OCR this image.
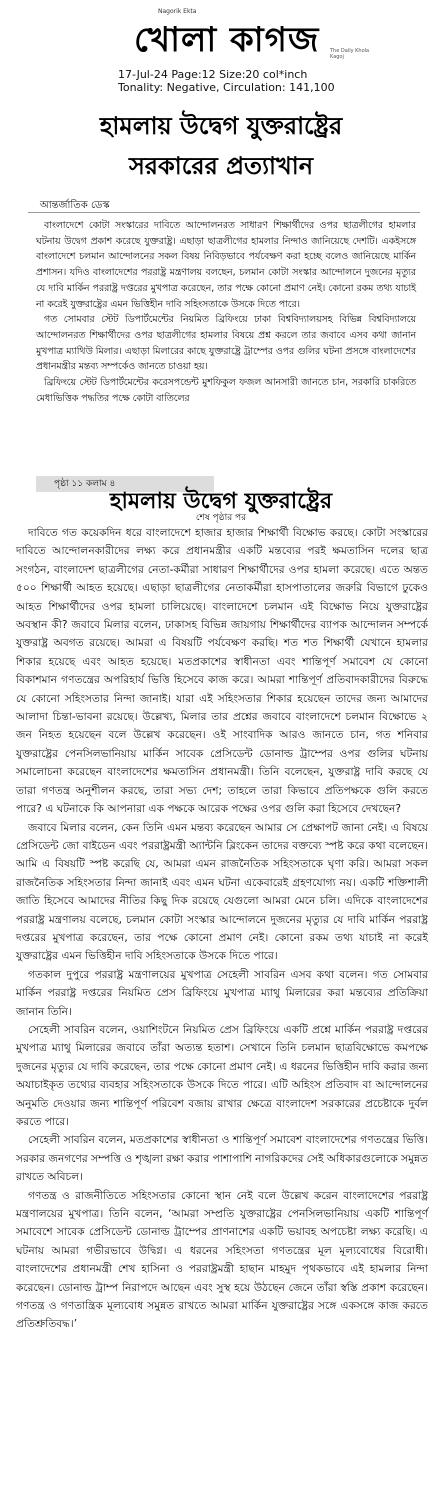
Nagorik Ekta
খোলা কাগজ The Daily Khola Kagoj
17-Jul-24 Page:12 Size:20 col*inch
Tonality: Negative, Circulation: 141,100
হামলায় উদ্বেগ যুক্তরাষ্ট্রের
সরকারের প্রত্যাখান
আন্তর্জাতিক ডেস্ক

বাংলাদেশে কোটা সংস্কারের দাবিতে আন্দোলনরত সাধারণ শিক্ষার্থীদের ওপর ছাত্রলীগের হামলার ঘটনায় উদ্বেগ প্রকাশ করেছে যুক্তরাষ্ট্র। এছাড়া ছাত্রলীগের হামলার নিন্দাও জানিয়েছে দেশটি। একইসঙ্গে বাংলাদেশে চলমান আন্দোলনের সকল বিষয় নিবিড়ভাবে পর্যবেক্ষণ করা হচ্ছে বলেও জানিয়েছে মার্কিন প্রশাসন। যদিও বাংলাদেশের পররাষ্ট্র মন্ত্রণালয় বলছেন, চলমান কোটা সংস্কার আন্দোলনে দুজনের মৃত্যুর যে দাবি মার্কিন পররাষ্ট্র দপ্তরের মুখপাত্র করেছেন, তার পক্ষে কোনো প্রমাণ নেই। কোনো রকম তথ্য যাচাই না করেই যুক্তরাষ্ট্রের এমন ভিত্তিহীন দাবি সহিংসতাকে উসকে দিতে পারে।

গত সোমবার স্টেট ডিপার্টমেন্টের নিয়মিত ব্রিফিংয়ে ঢাকা বিশ্ববিদ্যালয়সহ বিভিন্ন বিশ্ববিদ্যালয়ে আন্দোলনরত শিক্ষার্থীদের ওপর ছাত্রলীগের হামলার বিষয়ে প্রশ্ন করলে তার জবাবে এসব কথা জানান মুখপাত্র ম্যাথিউ মিলার। এছাড়া মিলারের কাছে যুক্তরাষ্ট্রে ট্রাম্পের ওপর গুলির ঘটনা প্রসঙ্গে বাংলাদেশের প্রধানমন্ত্রীর মন্তব্য সম্পর্কেও জানতে চাওয়া হয়।

ব্রিফিংয়ে স্টেট ডিপার্টমেন্টের করেসপন্ডেন্ট মুশফিকুল ফজল আনসারী জানতে চান, সরকারি চাকরিতে মেধাভিত্তিক পদ্ধতির পক্ষে কোটা বাতিলের

পৃষ্ঠা ১১ কলাম ৪
হামলায় উদ্বেগ যুক্তরাষ্ট্রের
শেষ পৃষ্ঠার পর

দাবিতে গত কয়েকদিন ধরে বাংলাদেশে হাজার হাজার শিক্ষার্থী বিক্ষোভ করছে। কোটা সংস্কারের দাবিতে আন্দোলনকারীদের লক্ষ্য করে প্রধানমন্ত্রীর একটি মন্তব্যের পরই ক্ষমতাসিন দলের ছাত্র সংগঠন, বাংলাদেশ ছাত্রলীগের নেতা-কর্মীরা সাধারণ শিক্ষার্থীদের ওপর হামলা করেছে। এতে অন্তত ৫০০ শিক্ষার্থী আহত হয়েছে। এছাড়া ছাত্রলীগের নেতাকর্মীরা হাসপাতালের জরুরি বিভাগে ঢুকেও আহত শিক্ষার্থীদের ওপর হামলা চালিয়েছে। বাংলাদেশে চলমান এই বিক্ষোভ নিয়ে যুক্তরাষ্ট্রের অবস্থান কী? জবাবে মিলার বলেন, ঢাকাসহ বিভিন্ন জায়গায় শিক্ষার্থীদের ব্যাপক আন্দোলন সম্পর্কে যুক্তরাষ্ট্র অবগত রয়েছে। আমরা এ বিষয়টি পর্যবেক্ষণ করছি। শত শত শিক্ষার্থী যেখানে হামলার শিকার হয়েছে এবং আহত হয়েছে। মতপ্রকাশের স্বাধীনতা এবং শান্তিপূর্ণ সমাবেশ যে কোনো বিকাশমান গণতন্ত্রের অপরিহার্য ভিত্তি হিসেবে কাজ করে। আমরা শান্তিপূর্ণ প্রতিবাদকারীদের বিরুদ্ধে যে কোনো সহিংসতার নিন্দা জানাই। যারা এই সহিংসতার শিকার হয়েছেন তাদের জন্য আমাদের আলাদা চিন্তা-ভাবনা রয়েছে। উল্লেখ্য, মিলার তার প্রশ্নের জবাবে বাংলাদেশে চলমান বিক্ষোভে ২ জন নিহত হয়েছেন বলে উল্লেখ করেছেন। ওই সাংবাদিক আরও জানতে চান, গত শনিবার যুক্তরাষ্ট্রের পেনসিলভানিয়ায় মার্কিন সাবেক প্রেসিডেন্ট ডোনাল্ড ট্রাম্পের ওপর গুলির ঘটনায় সমালোচনা করেছেন বাংলাদেশের ক্ষমতাসিন প্রধানমন্ত্রী। তিনি বলেছেন, যুক্তরাষ্ট্র দাবি করছে যে তারা গণতন্ত্র অনুশীলন করছে, তারা সভ্য দেশ; তাহলে তারা কিভাবে প্রতিপক্ষকে গুলি করতে পারে? এ ঘটনাকে কি আপনারা এক পক্ষকে আরেক পক্ষের ওপর গুলি করা হিসেবে দেখছেন?

জবাবে মিলার বলেন, কেন তিনি এমন মন্তব্য করেছেন আমার সে প্রেক্ষাপট জানা নেই। এ বিষয়ে প্রেসিডেন্ট জো বাইডেন এবং পররাষ্ট্রমন্ত্রী অ্যান্টনি ব্লিংকেন তাদের বক্তব্যে স্পষ্ট করে কথা বলেছেন। আমি এ বিষয়টি স্পষ্ট করেছি যে, আমরা এমন রাজনৈতিক সহিংসতাকে ঘৃণা করি। আমরা সকল রাজনৈতিক সহিংসতার নিন্দা জানাই এবং এমন ঘটনা একেবারেই গ্রহণযোগ্য নয়। একটি শক্তিশালী জাতি হিসেবে আমাদের নীতির কিছু দিক রয়েছে যেগুলো আমরা মেনে চলি। এদিকে বাংলাদেশের পররাষ্ট্র মন্ত্রণালয় বলেছে, চলমান কোটা সংস্কার আন্দোলনে দুজনের মৃত্যুর যে দাবি মার্কিন পররাষ্ট্র দপ্তরের মুখপাত্র করেছেন, তার পক্ষে কোনো প্রমাণ নেই। কোনো রকম তথ্য যাচাই না করেই যুক্তরাষ্ট্রের এমন ভিত্তিহীন দাবি সহিংসতাকে উসকে দিতে পারে।

গতকাল দুপুরে পররাষ্ট্র মন্ত্রণালয়ের মুখপাত্র সেহেলী সাবরিন এসব কথা বলেন। গত সোমবার মার্কিন পররাষ্ট্র দপ্তরের নিয়মিত প্রেস ব্রিফিংয়ে মুখপাত্র ম্যাথু মিলারের করা মন্তব্যের প্রতিক্রিয়া জানান তিনি।

সেহেলী সাবরিন বলেন, ওয়াশিংটনে নিয়মিত প্রেস ব্রিফিংয়ে একটি প্রশ্নে মার্কিন পররাষ্ট্র দপ্তরের মুখপাত্র ম্যাথু মিলারের জবাবে তাঁরা অত্যন্ত হতাশ। সেখানে তিনি চলমান ছাত্রবিক্ষোভে কমপক্ষে দুজনের মৃত্যুর যে দাবি করেছেন, তার পক্ষে কোনো প্রমাণ নেই। এ ধরনের ভিত্তিহীন দাবি করার জন্য অযাচাইকৃত তথ্যের ব্যবহার সহিংসতাকে উসকে দিতে পারে। এটি অহিংস প্রতিবাদ বা আন্দোলনের অনুমতি দেওয়ার জন্য শান্তিপূর্ণ পরিবেশ বজায় রাখার ক্ষেত্রে বাংলাদেশ সরকারের প্রচেষ্টাকে দুর্বল করতে পারে।

সেহেলী সাবরিন বলেন, মতপ্রকাশের স্বাধীনতা ও শান্তিপূর্ণ সমাবেশ বাংলাদেশের গণতন্ত্রের ভিত্তি। সরকার জনগণের সম্পত্তি ও শৃঙ্খলা রক্ষা করার পাশাপাশি নাগরিকদের সেই অধিকারগুলোকে সমুন্নত রাখতে অবিচল।

গণতন্ত্র ও রাজনীতিতে সহিংসতার কোনো স্থান নেই বলে উল্লেখ করেন বাংলাদেশের পররাষ্ট্র মন্ত্রণালয়ের মুখপাত্র। তিনি বলেন, ‘আমরা সম্প্রতি যুক্তরাষ্ট্রের পেনসিলভানিয়ায় একটি শান্তিপূর্ণ সমাবেশে সাবেক প্রেসিডেন্ট ডোনাল্ড ট্রাম্পের প্রাণনাশের একটি ভয়াবহ অপচেষ্টা লক্ষ্য করেছি। এ ঘটনায় আমরা গভীরভাবে উদ্বিগ্ন। এ ধরনের সহিংসতা গণতন্ত্রের মূল মূল্যবোধের বিরোধী। বাংলাদেশের প্রধানমন্ত্রী শেখ হাসিনা ও পররাষ্ট্রমন্ত্রী হাছান মাহমুদ পৃথকভাবে এই হামলার নিন্দা করেছেন। ডোনাল্ড ট্রাম্প নিরাপদে আছেন এবং সুস্থ হয়ে উঠছেন জেনে তাঁরা স্বস্তি প্রকাশ করেছেন। গণতন্ত্র ও গণতান্ত্রিক মূল্যবোধ সমুন্নত রাখতে আমরা মার্কিন যুক্তরাষ্ট্রের সঙ্গে একসঙ্গে কাজ করতে প্রতিশ্রুতিবদ্ধ।’
